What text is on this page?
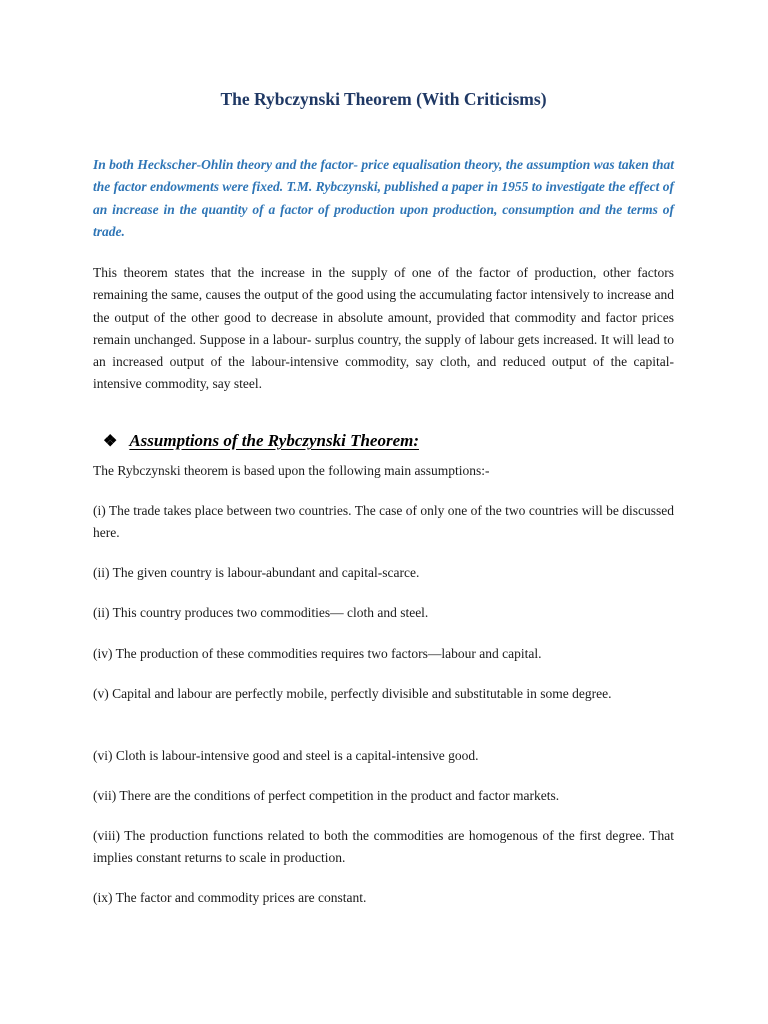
The Rybczynski Theorem (With Criticisms)

In both Heckscher-Ohlin theory and the factor- price equalisation theory, the assumption was taken that the factor endowments were fixed. T.M. Rybczynski, published a paper in 1955 to investigate the effect of an increase in the quantity of a factor of production upon production, consumption and the terms of trade.

This theorem states that the increase in the supply of one of the factor of production, other factors remaining the same, causes the output of the good using the accumulating factor intensively to increase and the output of the other good to decrease in absolute amount, provided that commodity and factor prices remain unchanged. Suppose in a labour- surplus country, the supply of labour gets increased. It will lead to an increased output of the labour-intensive commodity, say cloth, and reduced output of the capital- intensive commodity, say steel.

❖ Assumptions of the Rybczynski Theorem:

The Rybczynski theorem is based upon the following main assumptions:-

(i) The trade takes place between two countries. The case of only one of the two countries will be discussed here.

(ii) The given country is labour-abundant and capital-scarce.

(ii) This country produces two commodities— cloth and steel.

(iv) The production of these commodities requires two factors—labour and capital.

(v) Capital and labour are perfectly mobile, perfectly divisible and substitutable in some degree.

(vi) Cloth is labour-intensive good and steel is a capital-intensive good.

(vii) There are the conditions of perfect competition in the product and factor markets.

(viii) The production functions related to both the commodities are homogenous of the first degree. That implies constant returns to scale in production.

(ix) The factor and commodity prices are constant.
